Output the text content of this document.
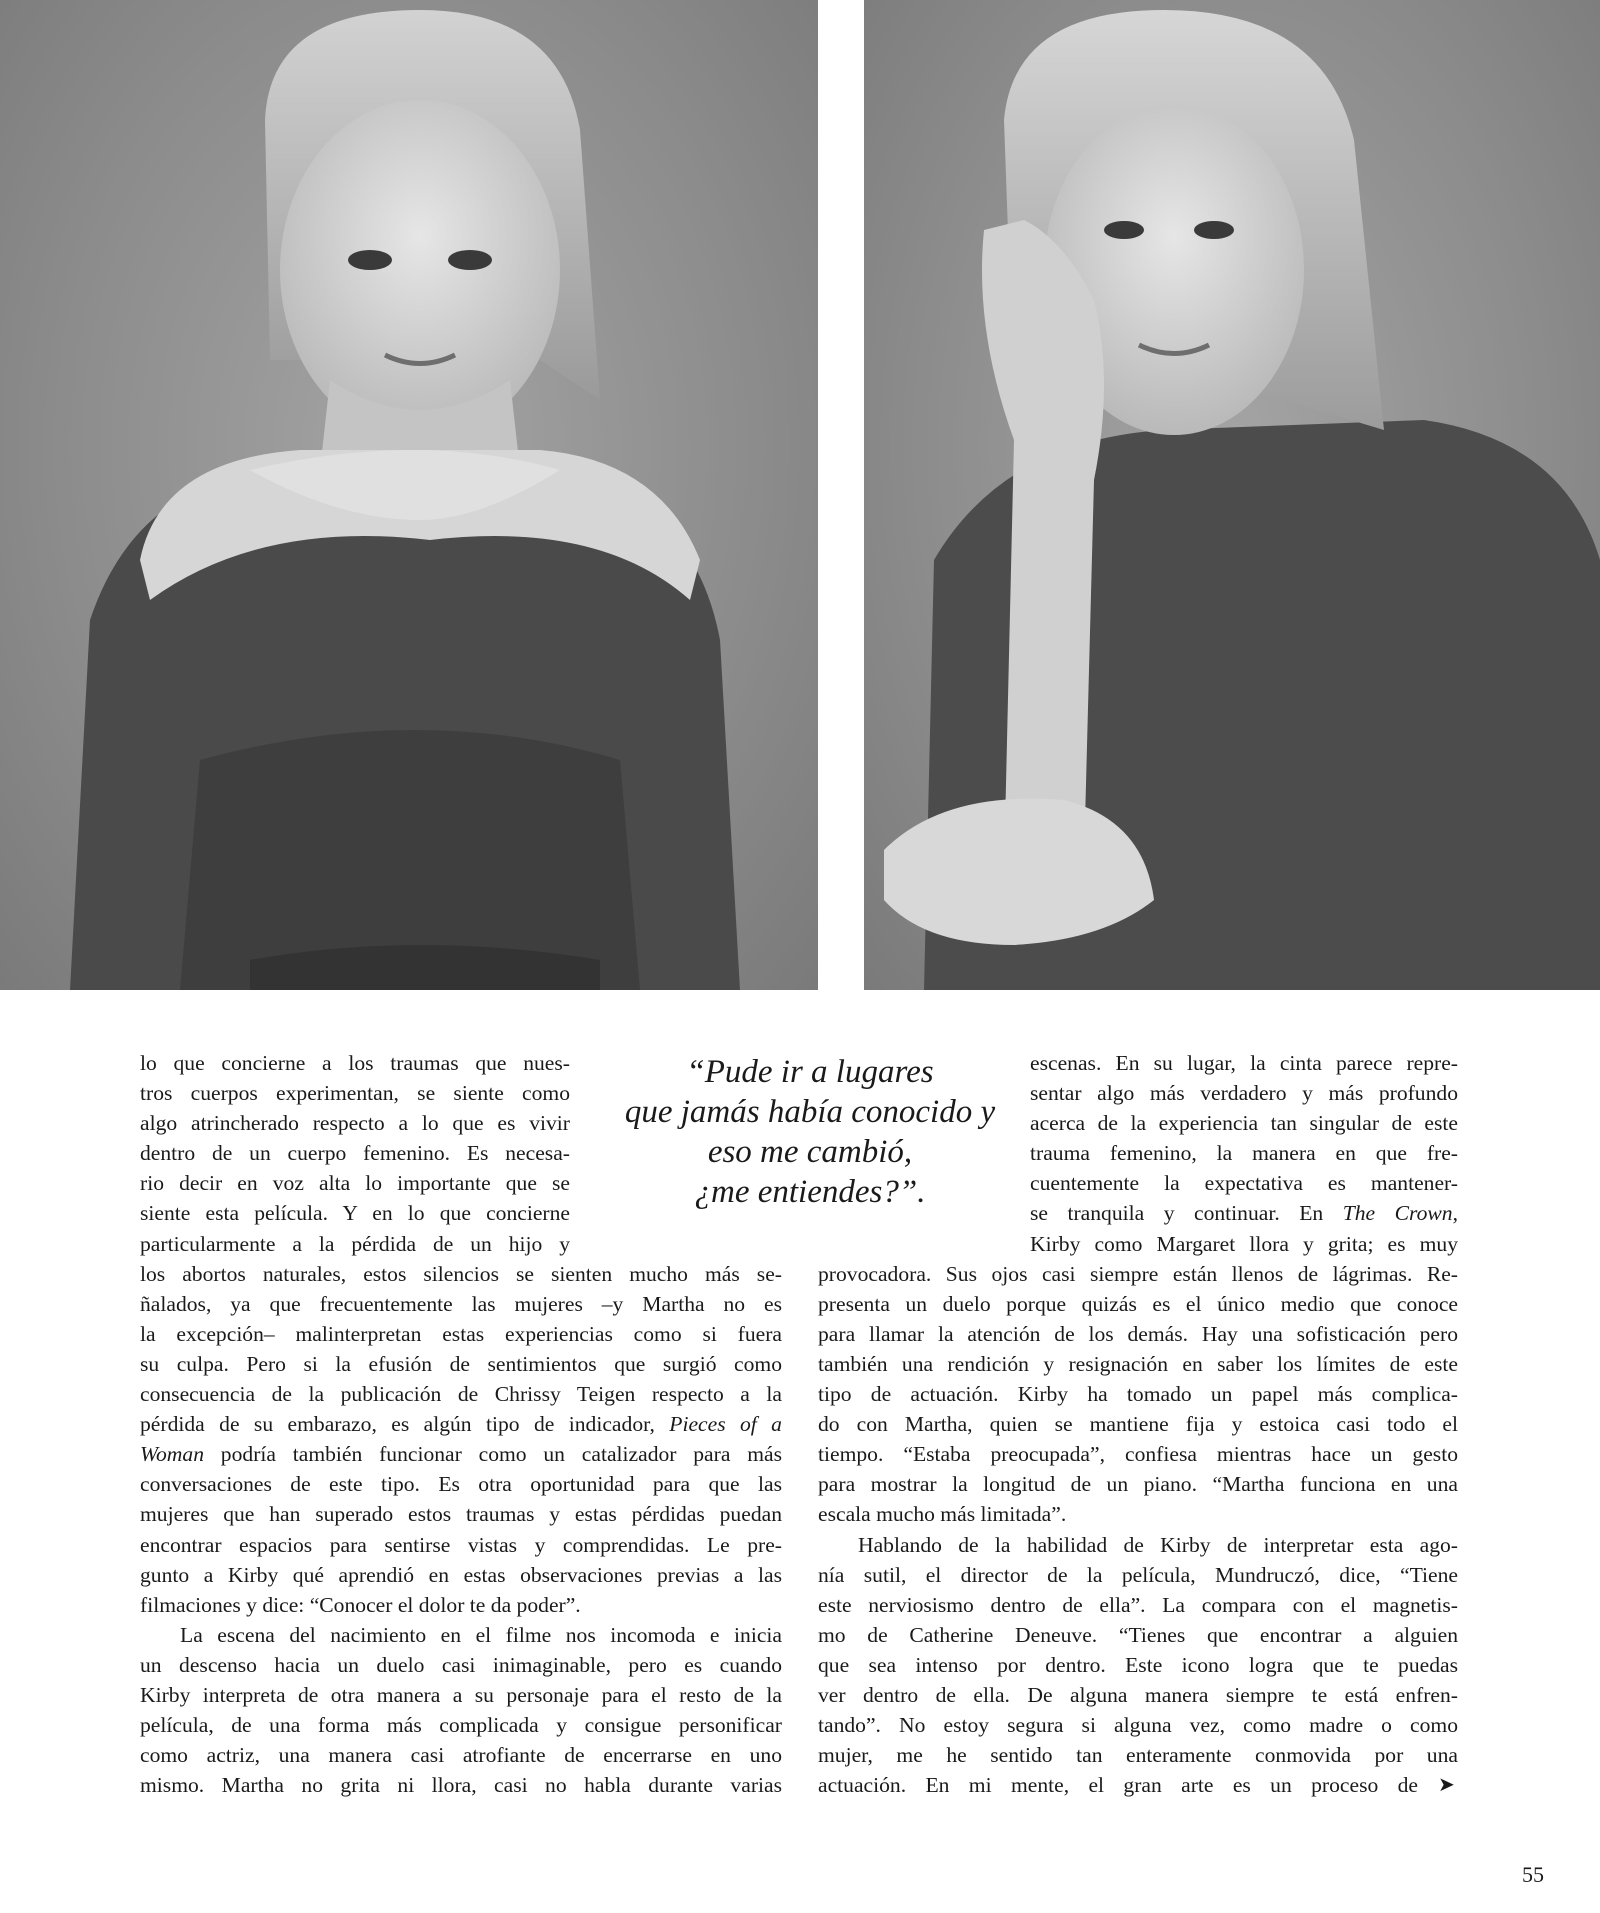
“Pude ir a lugares
que jamás había conocido y
eso me cambió,
¿me entiendes?”.
lo que concierne a los traumas que nues-
tros cuerpos experimentan, se siente como
algo atrincherado respecto a lo que es vivir
dentro de un cuerpo femenino. Es necesa-
rio decir en voz alta lo importante que se
siente esta película. Y en lo que concierne
particularmente a la pérdida de un hijo y
los abortos naturales, estos silencios se sienten mucho más se-
ñalados, ya que frecuentemente las mujeres –y Martha no es
la excepción– malinterpretan estas experiencias como si fuera
su culpa. Pero si la efusión de sentimientos que surgió como
consecuencia de la publicación de Chrissy Teigen respecto a la
pérdida de su embarazo, es algún tipo de indicador, Pieces of a
Woman podría también funcionar como un catalizador para más
conversaciones de este tipo. Es otra oportunidad para que las
mujeres que han superado estos traumas y estas pérdidas puedan
encontrar espacios para sentirse vistas y comprendidas. Le pre-
gunto a Kirby qué aprendió en estas observaciones previas a las
filmaciones y dice: “Conocer el dolor te da poder”.
La escena del nacimiento en el filme nos incomoda e inicia
un descenso hacia un duelo casi inimaginable, pero es cuando
Kirby interpreta de otra manera a su personaje para el resto de la
película, de una forma más complicada y consigue personificar
como actriz, una manera casi atrofiante de encerrarse en uno
mismo. Martha no grita ni llora, casi no habla durante varias
escenas. En su lugar, la cinta parece repre-
sentar algo más verdadero y más profundo
acerca de la experiencia tan singular de este
trauma femenino, la manera en que fre-
cuentemente la expectativa es mantener-
se tranquila y continuar. En The Crown,
Kirby como Margaret llora y grita; es muy
provocadora. Sus ojos casi siempre están llenos de lágrimas. Re-
presenta un duelo porque quizás es el único medio que conoce
para llamar la atención de los demás. Hay una sofisticación pero
también una rendición y resignación en saber los límites de este
tipo de actuación. Kirby ha tomado un papel más complica-
do con Martha, quien se mantiene fija y estoica casi todo el
tiempo. “Estaba preocupada”, confiesa mientras hace un gesto
para mostrar la longitud de un piano. “Martha funciona en una
escala mucho más limitada”.
Hablando de la habilidad de Kirby de interpretar esta ago-
nía sutil, el director de la película, Mundruczó, dice, “Tiene
este nerviosismo dentro de ella”. La compara con el magnetis-
mo de Catherine Deneuve. “Tienes que encontrar a alguien
que sea intenso por dentro. Este icono logra que te puedas
ver dentro de ella. De alguna manera siempre te está enfren-
tando”. No estoy segura si alguna vez, como madre o como
mujer, me he sentido tan enteramente conmovida por una
actuación. En mi mente, el gran arte es un proceso de ➤
55
